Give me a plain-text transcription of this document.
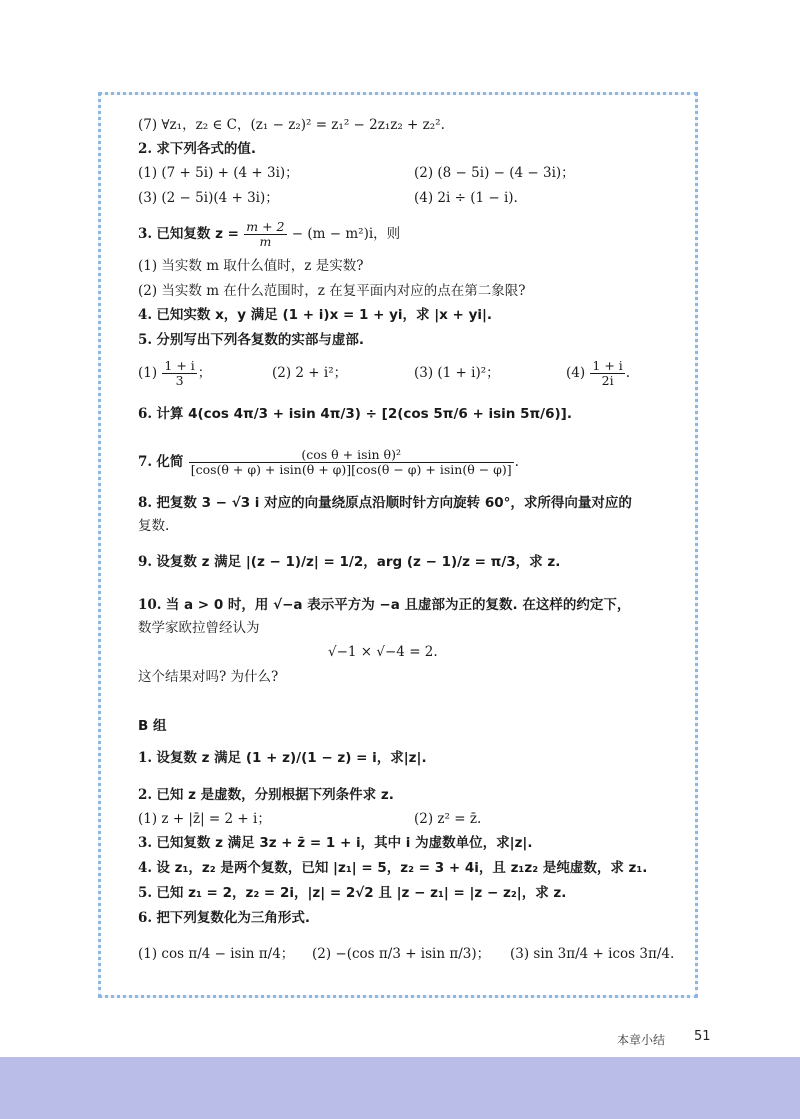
(7) ∀z₁，z₂ ∈ C，(z₁ − z₂)² = z₁² − 2z₁z₂ + z₂².
2. 求下列各式的值.
(1) (7 + 5i) + (4 + 3i)；	(2) (8 − 5i) − (4 − 3i)；
(3) (2 − 5i)(4 + 3i)；	(4) 2i ÷ (1 − i).
3. 已知复数 $z = \frac{m + 2}{m} - (m - m^2)i$，则
(1) 当实数 m 取什么值时，z 是实数?
(2) 当实数 m 在什么范围时，z 在复平面内对应的点在第二象限?
4. 已知实数 x，y 满足 (1 + i)x = 1 + yi，求 |x + yi|.
5. 分别写出下列各复数的实部与虚部.
$(1) \frac{1 + i}{3}$ ；	(2) 2 + i²；	(3) (1 + i)²；	$(4) \frac{1 + i}{2i}$ .
6. 计算 4(cos 4π/3 + isin 4π/3) ÷ [2(cos 5π/6 + isin 5π/6)].
7. 化简 $\frac{\text{(cos θ + isin θ)²}}{[\cos(\theta + \varphi) + isin(\theta + \varphi)][\cos(\theta - \varphi) + isin(\theta - \varphi)]}$ .
8. 把复数 3 − √3 i 对应的向量绕原点沿顺时针方向旋转 60°，求所得向量对应的
复数.
9. 设复数 z 满足 |(z − 1)/z| = 1/2，arg (z − 1)/z = π/3，求 z.
10. 当 a > 0 时，用 √−a 表示平方为 −a 且虚部为正的复数. 在这样的约定下，
数学家欧拉曾经认为
√−1 × √−4 = 2.
这个结果对吗? 为什么?
B 组
1. 设复数 z 满足 (1 + z)/(1 − z) = i，求|z|.
2. 已知 z 是虚数，分别根据下列条件求 z.
(1) z + |z̄| = 2 + i；	(2) z² = z̄.
3. 已知复数 z 满足 3z + z̄ = 1 + i，其中 i 为虚数单位，求|z|.
4. 设 z₁，z₂ 是两个复数，已知 |z₁| = 5，z₂ = 3 + 4i，且 z₁z₂ 是纯虚数，求 z₁.
5. 已知 z₁ = 2，z₂ = 2i，|z| = 2√2 且 |z − z₁| = |z − z₂|，求 z.
6. 把下列复数化为三角形式.
(1) cos π/4 − isin π/4； (2) −(cos π/3 + isin π/3)； (3) sin 3π/4 + icos 3π/4.
本章小结 51
